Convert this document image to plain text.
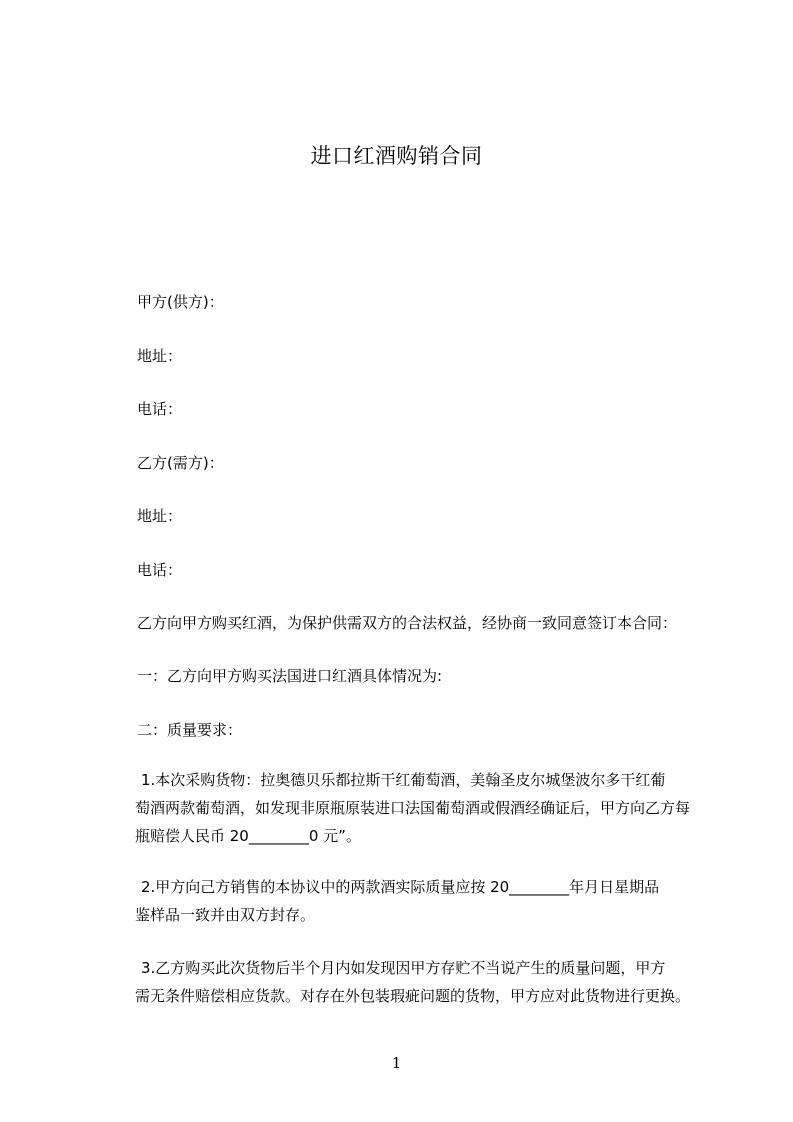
进口红酒购销合同
甲方(供方)：
地址：
电话：
乙方(需方)：
地址：
电话：
乙方向甲方购买红酒，为保护供需双方的合法权益，经协商一致同意签订本合同：
一：乙方向甲方购买法国进口红酒具体情况为:
二：质量要求：
1.本次采购货物：拉奥德贝乐都拉斯干红葡萄酒，美翰圣皮尔城堡波尔多干红葡
萄酒两款葡萄酒，如发现非原瓶原装进口法国葡萄酒或假酒经确证后，甲方向乙方每
瓶赔偿人民币 20________0 元”。
2.甲方向己方销售的本协议中的两款酒实际质量应按 20________年月日星期品
鉴样品一致并由双方封存。
3.乙方购买此次货物后半个月内如发现因甲方存贮不当说产生的质量问题，甲方
需无条件赔偿相应货款。对存在外包装瑕疵问题的货物，甲方应对此货物进行更换。
1
